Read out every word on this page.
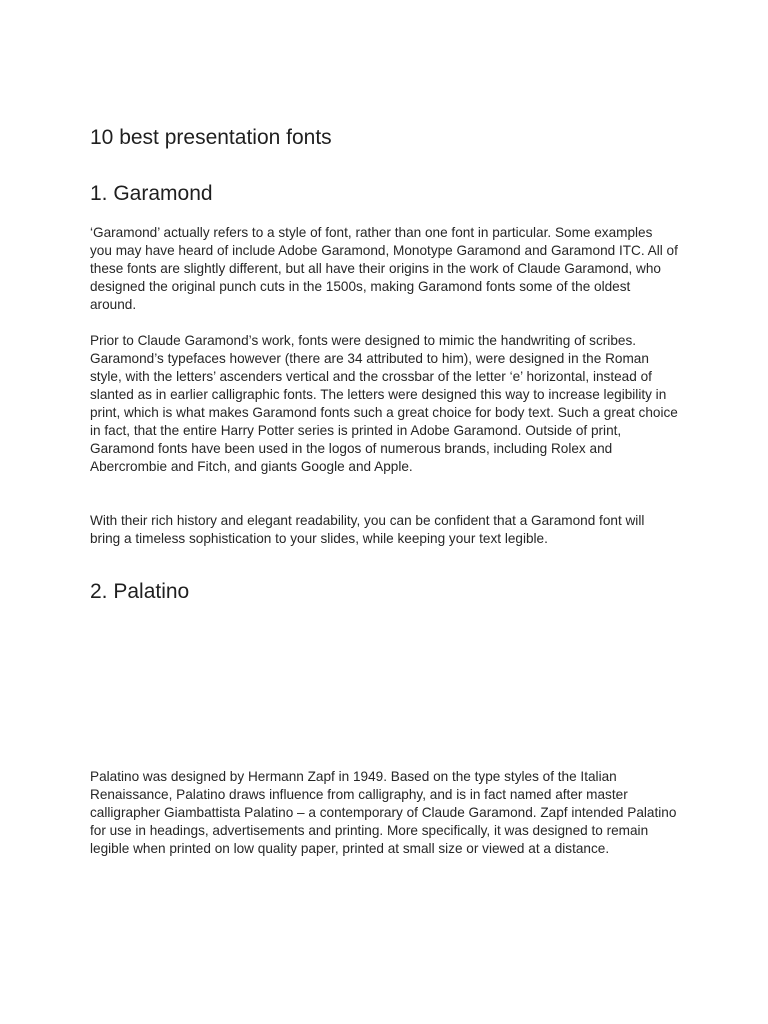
10 best presentation fonts
1. Garamond

‘Garamond’ actually refers to a style of font, rather than one font in particular. Some examples you may have heard of include Adobe Garamond, Monotype Garamond and Garamond ITC. All of these fonts are slightly different, but all have their origins in the work of Claude Garamond, who designed the original punch cuts in the 1500s, making Garamond fonts some of the oldest around.

Prior to Claude Garamond’s work, fonts were designed to mimic the handwriting of scribes. Garamond’s typefaces however (there are 34 attributed to him), were designed in the Roman style, with the letters’ ascenders vertical and the crossbar of the letter ‘e’ horizontal, instead of slanted as in earlier calligraphic fonts. The letters were designed this way to increase legibility in print, which is what makes Garamond fonts such a great choice for body text. Such a great choice in fact, that the entire Harry Potter series is printed in Adobe Garamond. Outside of print, Garamond fonts have been used in the logos of numerous brands, including Rolex and Abercrombie and Fitch, and giants Google and Apple.

With their rich history and elegant readability, you can be confident that a Garamond font will bring a timeless sophistication to your slides, while keeping your text legible.

2. Palatino

Palatino was designed by Hermann Zapf in 1949. Based on the type styles of the Italian Renaissance, Palatino draws influence from calligraphy, and is in fact named after master calligrapher Giambattista Palatino – a contemporary of Claude Garamond. Zapf intended Palatino for use in headings, advertisements and printing. More specifically, it was designed to remain legible when printed on low quality paper, printed at small size or viewed at a distance.
